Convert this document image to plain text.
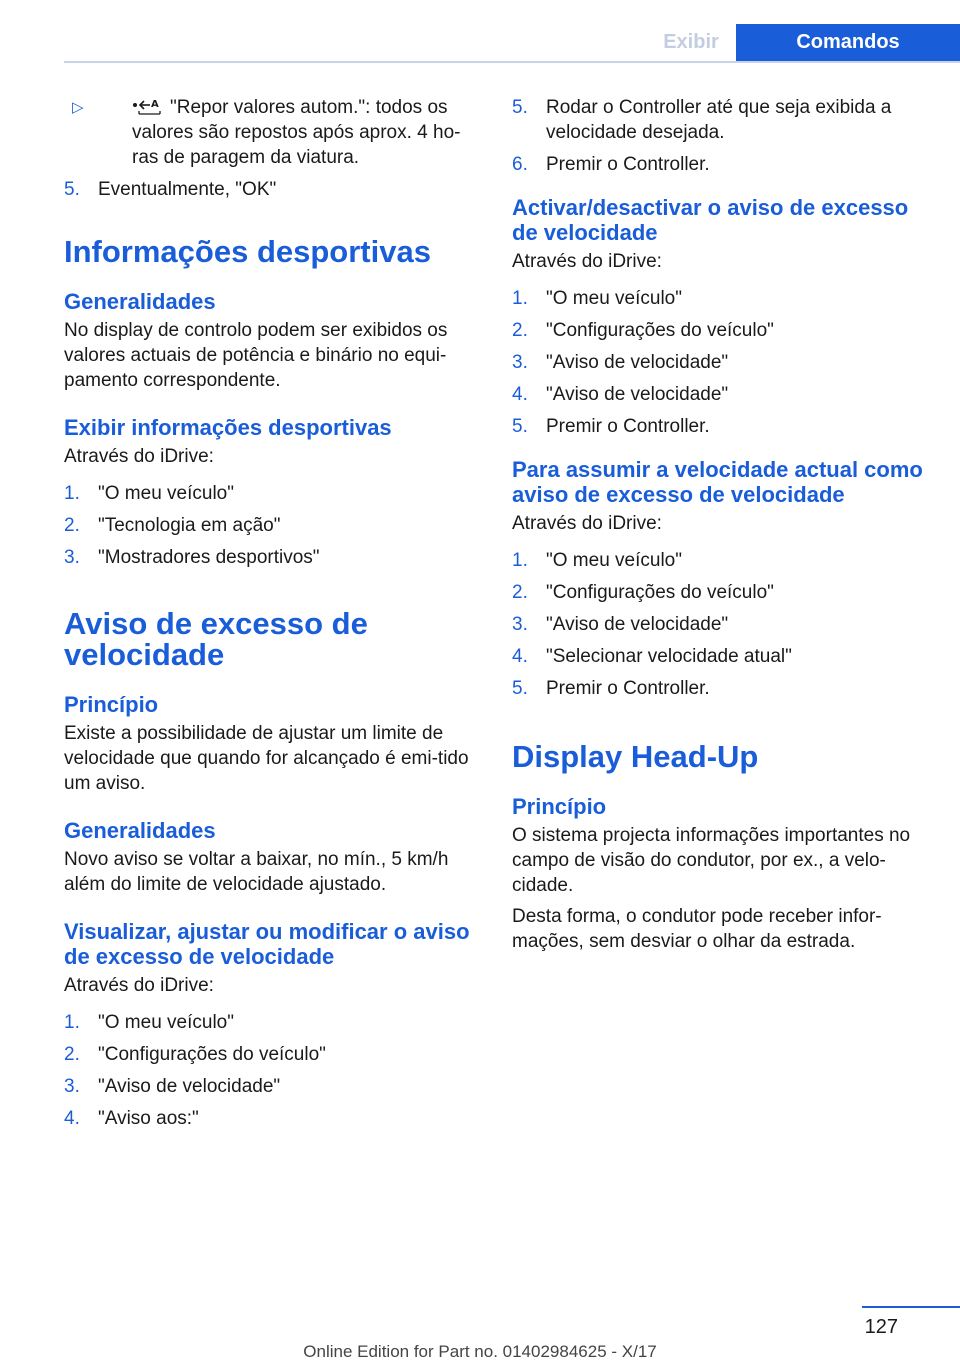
Exibir	Comandos
▷	A "Repor valores autom.": todos os valores são repostos após aprox. 4 ho-ras de paragem da viatura.
5. Eventualmente, "OK"
Informações desportivas
Generalidades

No display de controlo podem ser exibidos os valores actuais de potência e binário no equi-pamento correspondente.

Exibir informações desportivas

Através do iDrive:

1. "O meu veículo"
2. "Tecnologia em ação"
3. "Mostradores desportivos"
Aviso de excesso de velocidade
Princípio

Existe a possibilidade de ajustar um limite de velocidade que quando for alcançado é emi-tido um aviso.

Generalidades

Novo aviso se voltar a baixar, no mín., 5 km/h além do limite de velocidade ajustado.

Visualizar, ajustar ou modificar o aviso de excesso de velocidade

Através do iDrive:

1. "O meu veículo"
2. "Configurações do veículo"
3. "Aviso de velocidade"
4. "Aviso aos:"
5. Rodar o Controller até que seja exibida a velocidade desejada.
6. Premir o Controller.
Activar/desactivar o aviso de excesso de velocidade

Através do iDrive:

1. "O meu veículo"
2. "Configurações do veículo"
3. "Aviso de velocidade"
4. "Aviso de velocidade"
5. Premir o Controller.
Para assumir a velocidade actual como aviso de excesso de velocidade

Através do iDrive:

1. "O meu veículo"
2. "Configurações do veículo"
3. "Aviso de velocidade"
4. "Selecionar velocidade atual"
5. Premir o Controller.
Display Head-Up
Princípio

O sistema projecta informações importantes no campo de visão do condutor, por ex., a velo-cidade.

Desta forma, o condutor pode receber infor-mações, sem desviar o olhar da estrada.

127
Online Edition for Part no. 01402984625 - X/17
